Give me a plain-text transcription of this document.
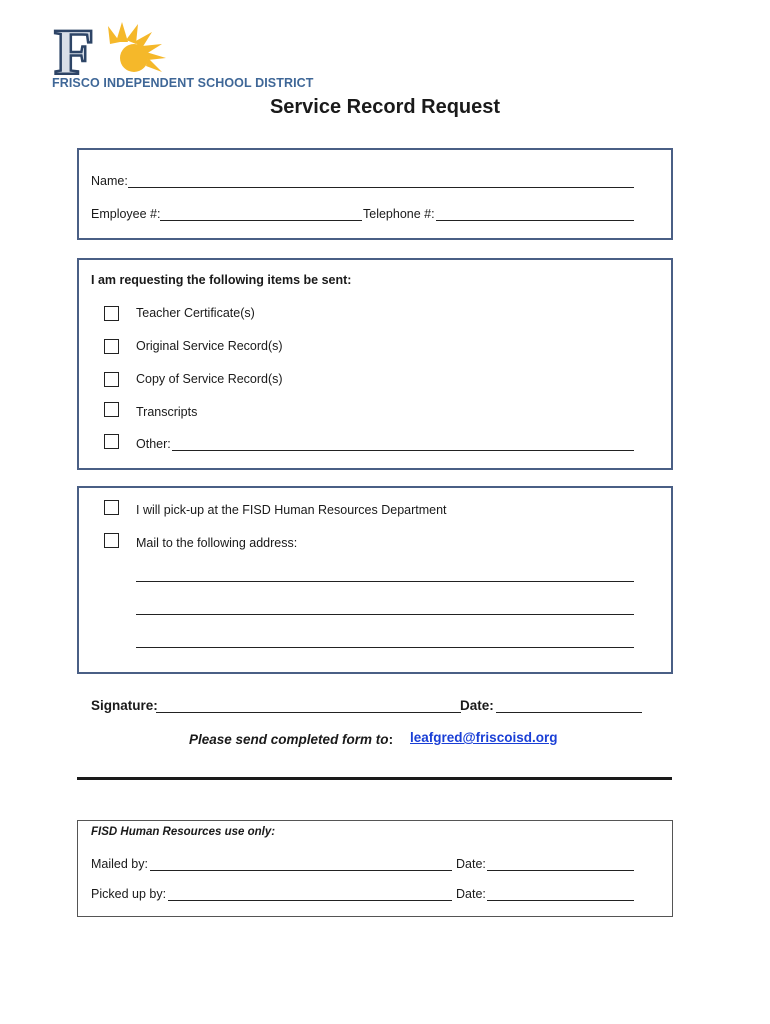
F
FRISCO INDEPENDENT SCHOOL DISTRICT
Service Record Request
Name:
Employee #:	Telephone #:
I am requesting the following items be sent:
Teacher Certificate(s)
Original Service Record(s)
Copy of Service Record(s)
Transcripts
Other:
I will pick-up at the FISD Human Resources Department
Mail to the following address:
Signature:	Date:
Please send completed form to: leafgred@friscoisd.org
FISD Human Resources use only:
Mailed by:	Date:
Picked up by:	Date:
